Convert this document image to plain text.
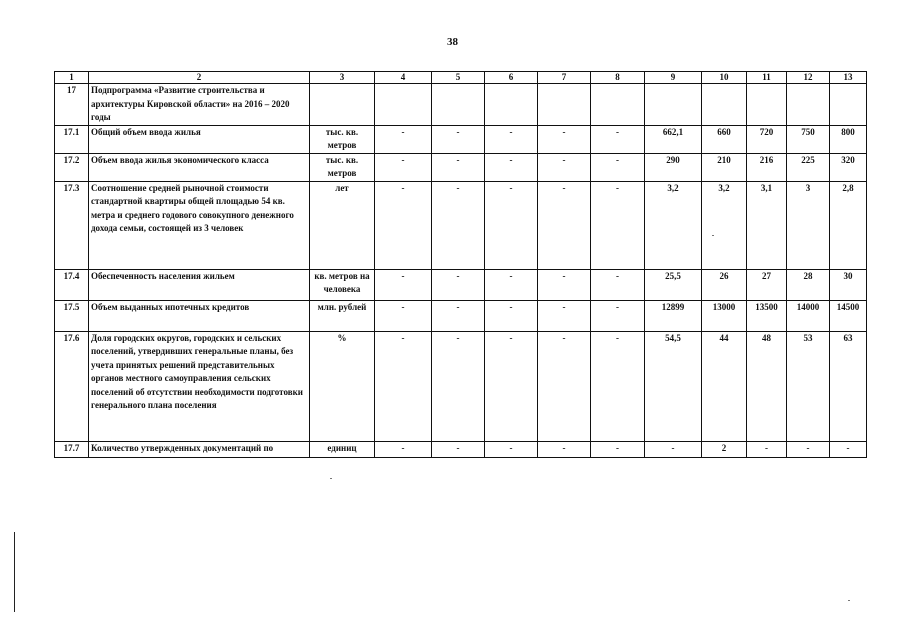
38
1	2	3	4	5	6	7	8	9	10	11	12	13
17	Подпрограмма «Развитие строительства и архитектуры Кировской области» на 2016 – 2020 годы											
17.1	Общий объем ввода жилья	тыс. кв. метров	-	-	-	-	-	662,1	660	720	750	800
17.2	Объем ввода жилья экономического класса	тыс. кв. метров	-	-	-	-	-	290	210	216	225	320
17.3	Соотношение средней рыночной стоимости стандартной квартиры общей площадью 54 кв. метра и среднего годового совокупного денежного дохода семьи, состоящей из 3 человек	лет	-	-	-	-	-	3,2	3,2	3,1	3	2,8
17.4	Обеспеченность населения жильем	кв. метров на человека	-	-	-	-	-	25,5	26	27	28	30
17.5	Объем выданных ипотечных кредитов	млн. рублей	-	-	-	-	-	12899	13000	13500	14000	14500
17.6	Доля городских округов, городских и сельских поселений, утвердивших генеральные планы, без учета принятых решений представительных органов местного самоуправления сельских поселений об отсутствии необходимости подготовки генерального плана поселения	%	-	-	-	-	-	54,5	44	48	53	63
17.7	Количество утвержденных документаций по	единиц	-	-	-	-	-	-	2	-	-	-
